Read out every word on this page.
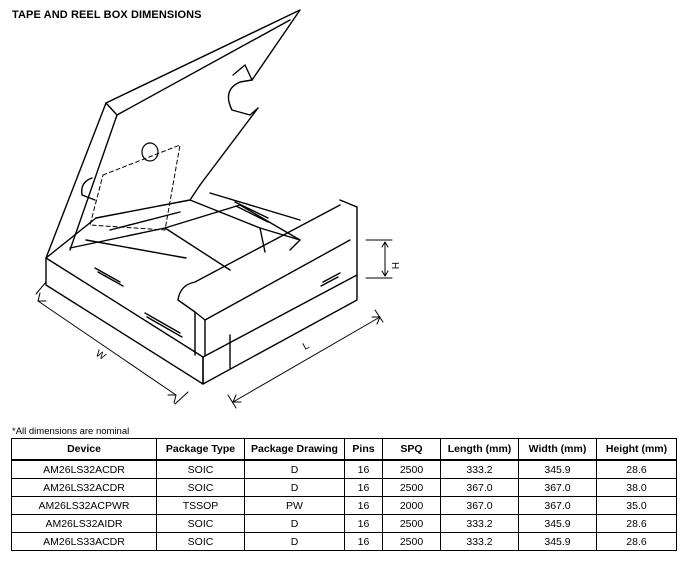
TAPE AND REEL BOX DIMENSIONS
W
L
H
*All dimensions are nominal
Device	Package Type	Package Drawing	Pins	SPQ	Length (mm)	Width (mm)	Height (mm)
AM26LS32ACDR	SOIC	D	16	2500	333.2	345.9	28.6
AM26LS32ACDR	SOIC	D	16	2500	367.0	367.0	38.0
AM26LS32ACPWR	TSSOP	PW	16	2000	367.0	367.0	35.0
AM26LS32AIDR	SOIC	D	16	2500	333.2	345.9	28.6
AM26LS33ACDR	SOIC	D	16	2500	333.2	345.9	28.6
